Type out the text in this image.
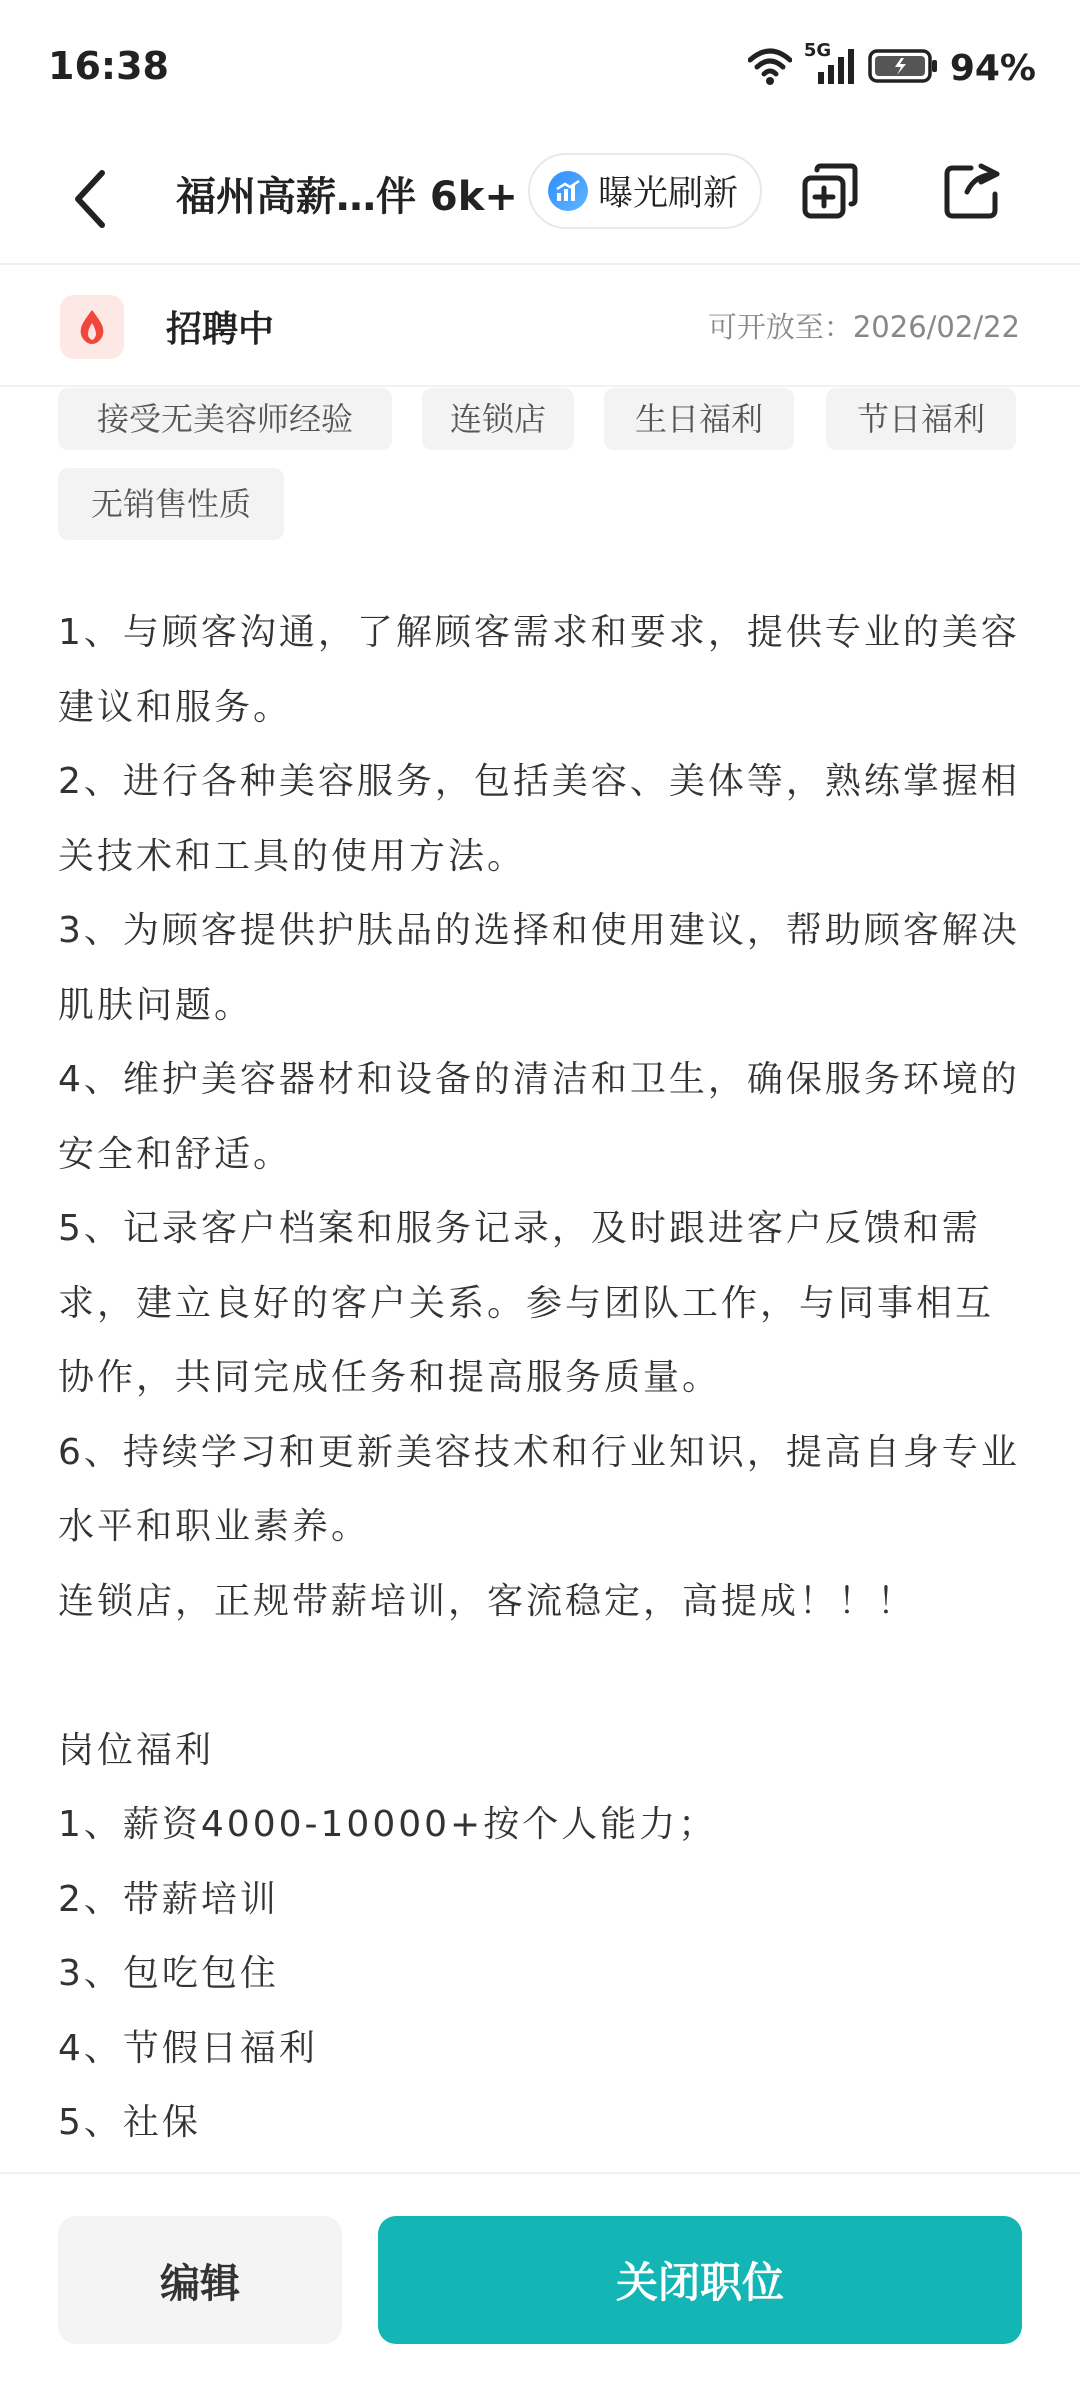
16:38	5G	94%
福州高薪…伴 6k+ 曝光刷新
招聘中	可开放至：2026/02/22
接受无美容师经验	连锁店	生日福利	节日福利
无销售性质

1、与顾客沟通，了解顾客需求和要求，提供专业的美容建议和服务。

2、进行各种美容服务，包括美容、美体等，熟练掌握相关技术和工具的使用方法。

3、为顾客提供护肤品的选择和使用建议，帮助顾客解决肌肤问题。

4、维护美容器材和设备的清洁和卫生，确保服务环境的安全和舒适。

5、记录客户档案和服务记录，及时跟进客户反馈和需求，建立良好的客户关系。参与团队工作，与同事相互协作，共同完成任务和提高服务质量。

6、持续学习和更新美容技术和行业知识，提高自身专业水平和职业素养。

连锁店，正规带薪培训，客流稳定，高提成！！！

岗位福利

1、薪资4000-10000+按个人能力；

2、带薪培训

3、包吃包住

4、节假日福利

5、社保

编辑	关闭职位
